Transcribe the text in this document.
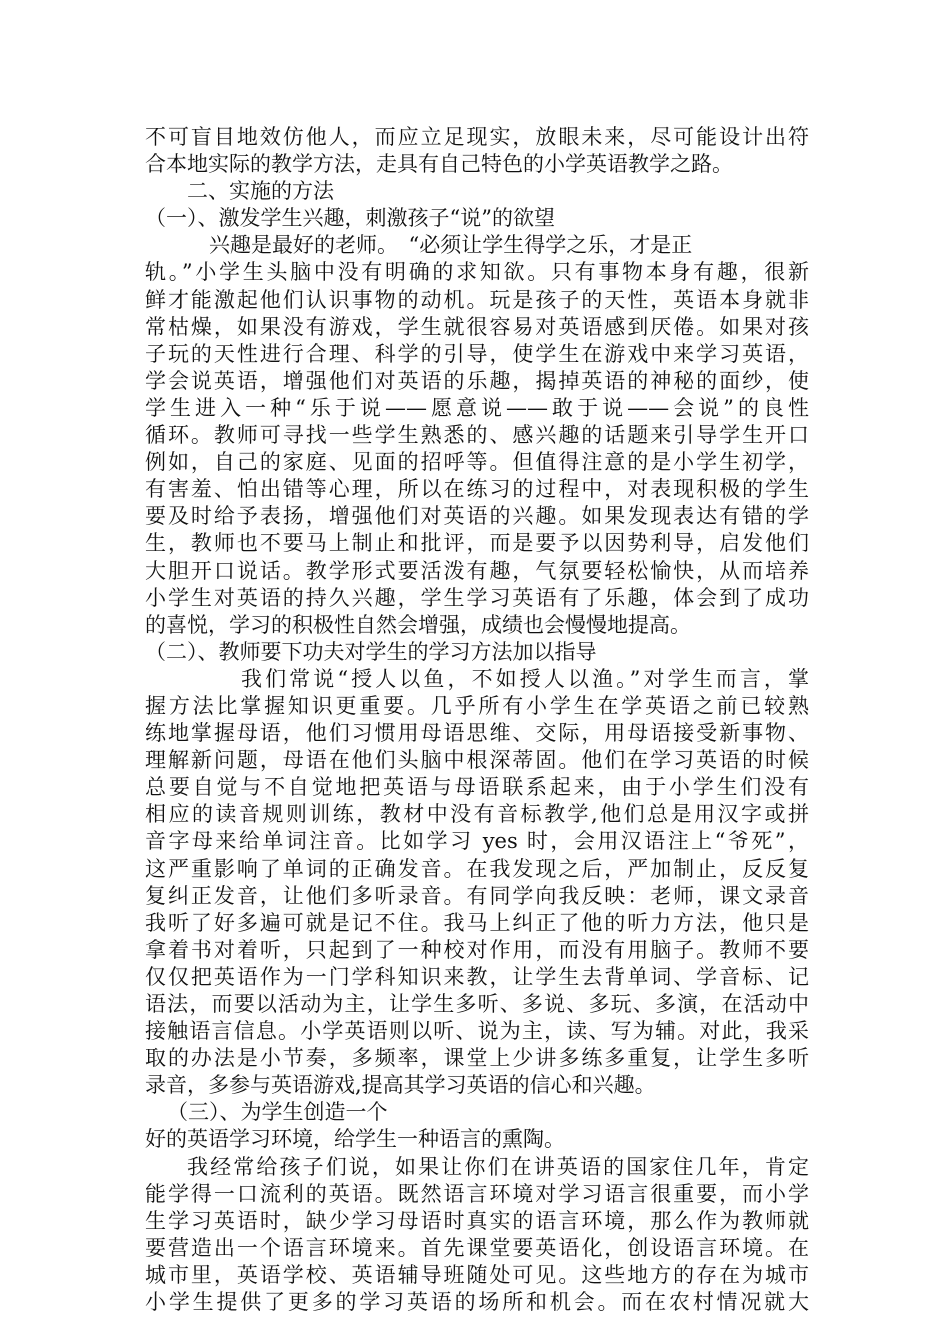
不可盲目地效仿他人，而应立足现实，放眼未来，尽可能设计出符
合本地实际的教学方法，走具有自己特色的小学英语教学之路。
二、实施的方法
（一）、激发学生兴趣，刺激孩子“说”的欲望
兴趣是最好的老师。　“必须让学生得学之乐，才是正
轨。”小学生头脑中没有明确的求知欲。只有事物本身有趣，很新
鲜才能激起他们认识事物的动机。玩是孩子的天性，英语本身就非
常枯燥，如果没有游戏，学生就很容易对英语感到厌倦。如果对孩
子玩的天性进行合理、科学的引导，使学生在游戏中来学习英语，
学会说英语，增强他们对英语的乐趣，揭掉英语的神秘的面纱，使
学生进入一种“乐于说——愿意说——敢于说——会说”的良性
循环。教师可寻找一些学生熟悉的、感兴趣的话题来引导学生开口
例如，自己的家庭、见面的招呼等。但值得注意的是小学生初学，
有害羞、怕出错等心理，所以在练习的过程中，对表现积极的学生
要及时给予表扬，增强他们对英语的兴趣。如果发现表达有错的学
生，教师也不要马上制止和批评，而是要予以因势利导，启发他们
大胆开口说话。教学形式要活泼有趣，气氛要轻松愉快，从而培养
小学生对英语的持久兴趣，学生学习英语有了乐趣，体会到了成功
的喜悦，学习的积极性自然会增强，成绩也会慢慢地提高。
（二）、教师要下功夫对学生的学习方法加以指导
我们常说“授人以鱼，不如授人以渔。”对学生而言，掌
握方法比掌握知识更重要。几乎所有小学生在学英语之前已较熟
练地掌握母语，他们习惯用母语思维、交际，用母语接受新事物、
理解新问题，母语在他们头脑中根深蒂固。他们在学习英语的时候
总要自觉与不自觉地把英语与母语联系起来，由于小学生们没有
相应的读音规则训练，教材中没有音标教学,他们总是用汉字或拼
音字母来给单词注音。比如学习 yes 时，会用汉语注上“爷死”，
这严重影响了单词的正确发音。在我发现之后，严加制止，反反复
复纠正发音，让他们多听录音。有同学向我反映：老师，课文录音
我听了好多遍可就是记不住。我马上纠正了他的听力方法，他只是
拿着书对着听，只起到了一种校对作用，而没有用脑子。教师不要
仅仅把英语作为一门学科知识来教，让学生去背单词、学音标、记
语法，而要以活动为主，让学生多听、多说、多玩、多演，在活动中
接触语言信息。小学英语则以听、说为主，读、写为辅。对此，我采
取的办法是小节奏，多频率，课堂上少讲多练多重复，让学生多听
录音，多参与英语游戏,提高其学习英语的信心和兴趣。
（三）、为学生创造一个
好的英语学习环境，给学生一种语言的熏陶。
我经常给孩子们说，如果让你们在讲英语的国家住几年，肯定
能学得一口流利的英语。既然语言环境对学习语言很重要，而小学
生学习英语时，缺少学习母语时真实的语言环境，那么作为教师就
要营造出一个语言环境来。首先课堂要英语化，创设语言环境。在
城市里，英语学校、英语辅导班随处可见。这些地方的存在为城市
小学生提供了更多的学习英语的场所和机会。而在农村情况就大
